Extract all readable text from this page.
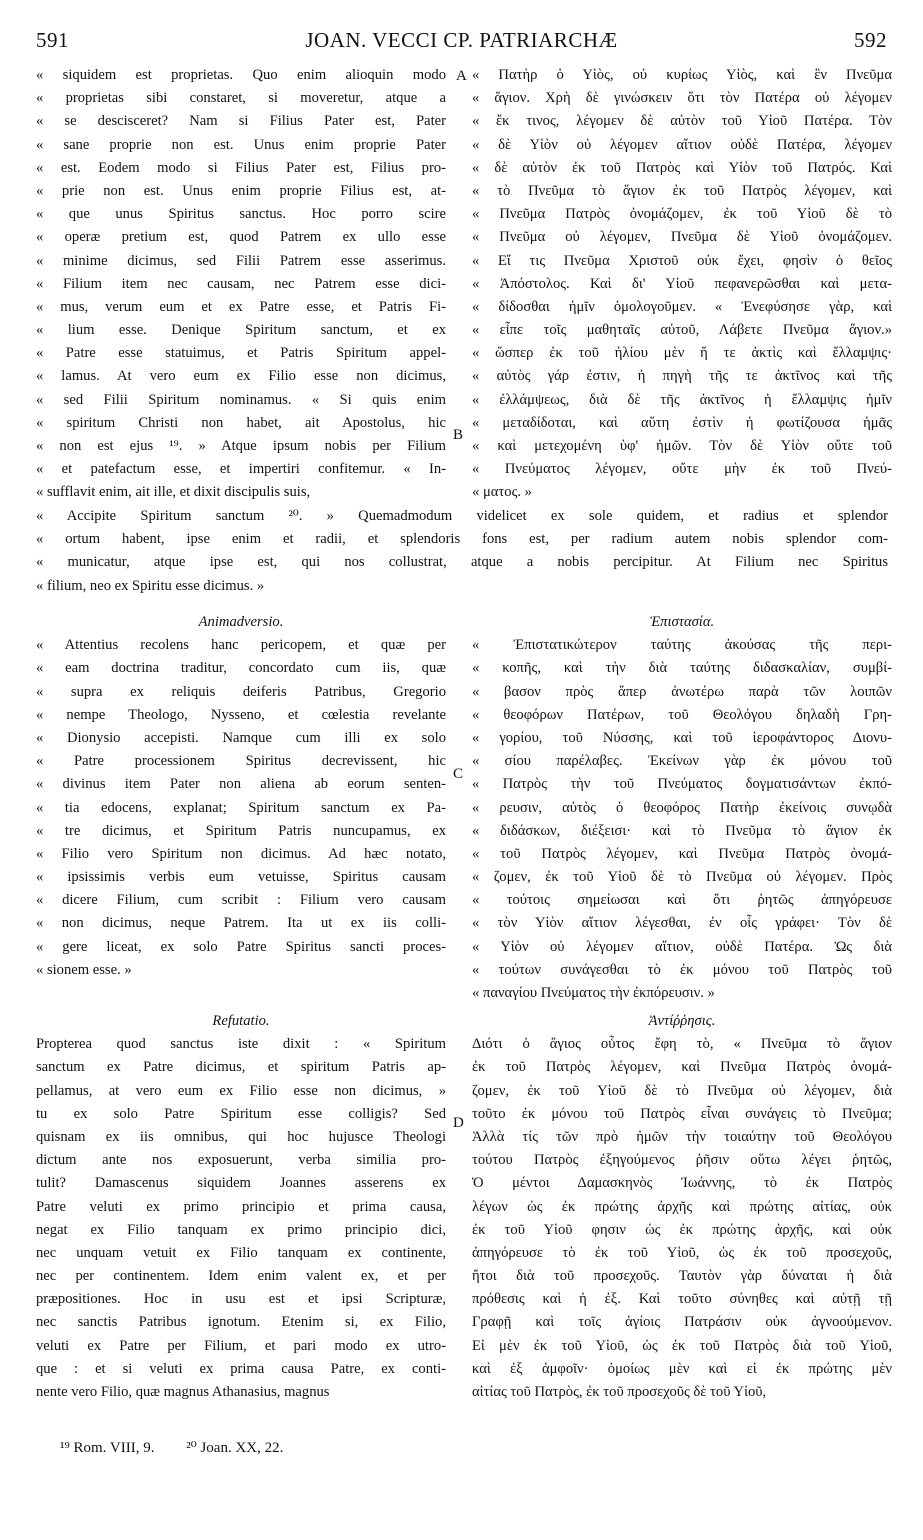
591	JOAN. VECCI CP. PATRIARCHÆ	592
A
B
C
D
« siquidem est proprietas. Quo enim alioquin modo
« proprietas sibi constaret, si moveretur, atque a
« se descisceret? Nam si Filius Pater est, Pater
« sane proprie non est. Unus enim proprie Pater
« est. Eodem modo si Filius Pater est, Filius pro-
« prie non est. Unus enim proprie Filius est, at-
« que unus Spiritus sanctus. Hoc porro scire
« operæ pretium est, quod Patrem ex ullo esse
« minime dicimus, sed Filii Patrem esse asserimus.
« Filium item nec causam, nec Patrem esse dici-
« mus, verum eum et ex Patre esse, et Patris Fi-
« lium esse. Denique Spiritum sanctum, et ex
« Patre esse statuimus, et Patris Spiritum appel-
« lamus. At vero eum ex Filio esse non dicimus,
« sed Filii Spiritum nominamus. « Si quis enim
« spiritum Christi non habet, ait Apostolus, hic
« non est ejus ¹⁹. » Atque ipsum nobis per Filium
« et patefactum esse, et impertiri confitemur. « In-
« sufflavit enim, ait ille, et dixit discipulis suis,
« Πατὴρ ὁ Υἱὸς, οὐ κυρίως Υἱὸς, καὶ ἓν Πνεῦμα
« ἅγιον. Χρὴ δὲ γινώσκειν ὅτι τὸν Πατέρα οὐ λέγομεν
« ἔκ τινος, λέγομεν δὲ αὐτὸν τοῦ Υἱοῦ Πατέρα. Τὸν
« δὲ Υἱὸν οὐ λέγομεν αἴτιον οὐδὲ Πατέρα, λέγομεν
« δὲ αὐτὸν ἐκ τοῦ Πατρὸς καὶ Υἱὸν τοῦ Πατρός. Καὶ
« τὸ Πνεῦμα τὸ ἅγιον ἐκ τοῦ Πατρὸς λέγομεν, καὶ
« Πνεῦμα Πατρὸς ὀνομάζομεν, ἐκ τοῦ Υἱοῦ δὲ τὸ
« Πνεῦμα οὐ λέγομεν, Πνεῦμα δὲ Υἱοῦ ὀνομάζομεν.
« Εἴ τις Πνεῦμα Χριστοῦ οὐκ ἔχει, φησὶν ὁ θεῖος
« Ἀπόστολος. Καὶ δι' Υἱοῦ πεφανερῶσθαι καὶ μετα-
« δίδοσθαι ἡμῖν ὁμολογοῦμεν. « Ἐνεφύσησε γὰρ, καὶ
« εἶπε τοῖς μαθηταῖς αὐτοῦ, Λάβετε Πνεῦμα ἅγιον.»
« ὥσπερ ἐκ τοῦ ἡλίου μὲν ἥ τε ἀκτὶς καὶ ἔλλαμψις·
« αὐτὸς γάρ ἐστιν, ἡ πηγὴ τῆς τε ἀκτῖνος καὶ τῆς
« ἐλλάμψεως, διὰ δὲ τῆς ἀκτῖνος ἡ ἔλλαμψις ἡμῖν
« μεταδίδοται, καὶ αὕτη ἐστὶν ἡ φωτίζουσα ἡμᾶς
« καὶ μετεχομένη ὑφ' ἡμῶν. Τὸν δὲ Υἱὸν οὔτε τοῦ
« Πνεύματος λέγομεν, οὔτε μὴν ἐκ τοῦ Πνεύ-
« ματος. »
« Accipite Spiritum sanctum ²⁰. » Quemadmodum videlicet ex sole quidem, et radius et splendor
« ortum habent, ipse enim et radii, et splendoris fons est, per radium autem nobis splendor com-
« municatur, atque ipse est, qui nos collustrat, atque a nobis percipitur. At Filium nec Spiritus
« filium, neo ex Spiritu esse dicimus. »
Animadversio.
« Attentius recolens hanc pericopem, et quæ per
« eam doctrina traditur, concordato cum iis, quæ
« supra ex reliquis deiferis Patribus, Gregorio
« nempe Theologo, Nysseno, et cœlestia revelante
« Dionysio accepisti. Namque cum illi ex solo
« Patre processionem Spiritus decrevissent, hic
« divinus item Pater non aliena ab eorum senten-
« tia edocens, explanat; Spiritum sanctum ex Pa-
« tre dicimus, et Spiritum Patris nuncupamus, ex
« Filio vero Spiritum non dicimus. Ad hæc notato,
« ipsissimis verbis eum vetuisse, Spiritus causam
« dicere Filium, cum scribit : Filium vero causam
« non dicimus, neque Patrem. Ita ut ex iis colli-
« gere liceat, ex solo Patre Spiritus sancti proces-
« sionem esse. »
Ἐπιστασία.
« Ἐπιστατικώτερον ταύτης ἀκούσας τῆς περι-
« κοπῆς, καὶ τὴν διὰ ταύτης διδασκαλίαν, συμβί-
« βασον πρὸς ἅπερ ἀνωτέρω παρὰ τῶν λοιπῶν
« θεοφόρων Πατέρων, τοῦ Θεολόγου δηλαδὴ Γρη-
« γορίου, τοῦ Νύσσης, καὶ τοῦ ἱεροφάντορος Διονυ-
« σίου παρέλαβες. Ἐκείνων γὰρ ἐκ μόνου τοῦ
« Πατρὸς τὴν τοῦ Πνεύματος δογματισάντων ἐκπό-
« ρευσιν, αὐτὸς ὁ θεοφόρος Πατὴρ ἐκείνοις συνῳδὰ
« διδάσκων, διέξεισι· καὶ τὸ Πνεῦμα τὸ ἅγιον ἐκ
« τοῦ Πατρὸς λέγομεν, καὶ Πνεῦμα Πατρὸς ὀνομά-
« ζομεν, ἐκ τοῦ Υἱοῦ δὲ τὸ Πνεῦμα οὐ λέγομεν. Πρὸς
« τούτοις σημείωσαι καὶ ὅτι ῥητῶς ἀπηγόρευσε
« τὸν Υἱὸν αἴτιον λέγεσθαι, ἐν οἷς γράφει· Τὸν δὲ
« Υἱὸν οὐ λέγομεν αἴτιον, οὐδὲ Πατέρα. Ὡς διὰ
« τούτων συνάγεσθαι τὸ ἐκ μόνου τοῦ Πατρὸς τοῦ
« παναγίου Πνεύματος τὴν ἐκπόρευσιν. »
Refutatio.
Propterea quod sanctus iste dixit : « Spiritum
sanctum ex Patre dicimus, et spiritum Patris ap-
pellamus, at vero eum ex Filio esse non dicimus, »
tu ex solo Patre Spiritum esse colligis? Sed
quisnam ex iis omnibus, qui hoc hujusce Theologi
dictum ante nos exposuerunt, verba similia pro-
tulit? Damascenus siquidem Joannes asserens ex
Patre veluti ex primo principio et prima causa,
negat ex Filio tanquam ex primo principio dici,
nec unquam vetuit ex Filio tanquam ex continente,
nec per continentem. Idem enim valent ex, et per
præpositiones. Hoc in usu est et ipsi Scripturæ,
nec sanctis Patribus ignotum. Etenim si, ex Filio,
veluti ex Patre per Filium, et pari modo ex utro-
que : et si veluti ex prima causa Patre, ex conti-
nente vero Filio, quæ magnus Athanasius, magnus
Ἀντίῤῥησις.
Διότι ὁ ἅγιος οὗτος ἔφη τὸ, « Πνεῦμα τὸ ἅγιον
ἐκ τοῦ Πατρὸς λέγομεν, καὶ Πνεῦμα Πατρὸς ὀνομά-
ζομεν, ἐκ τοῦ Υἱοῦ δὲ τὸ Πνεῦμα οὐ λέγομεν, διὰ
τοῦτο ἐκ μόνου τοῦ Πατρὸς εἶναι συνάγεις τὸ Πνεῦμα;
Ἀλλὰ τίς τῶν πρὸ ἡμῶν τὴν τοιαύτην τοῦ Θεολόγου
τούτου Πατρὸς ἐξηγούμενος ῥῆσιν οὕτω λέγει ῥητῶς,
Ὁ μέντοι Δαμασκηνὸς Ἰωάννης, τὸ ἐκ Πατρὸς
λέγων ὡς ἐκ πρώτης ἀρχῆς καὶ πρώτης αἰτίας, οὐκ
ἐκ τοῦ Υἱοῦ φησιν ὡς ἐκ πρώτης ἀρχῆς, καὶ οὐκ
ἀπηγόρευσε τὸ ἐκ τοῦ Υἱοῦ, ὡς ἐκ τοῦ προσεχοῦς,
ἤτοι διὰ τοῦ προσεχοῦς. Ταυτὸν γὰρ δύναται ἡ διὰ
πρόθεσις καὶ ἡ ἐξ. Καὶ τοῦτο σύνηθες καὶ αὐτῇ τῇ
Γραφῇ καὶ τοῖς ἁγίοις Πατράσιν οὐκ ἀγνοούμενον.
Εἰ μὲν ἐκ τοῦ Υἱοῦ, ὡς ἐκ τοῦ Πατρὸς διὰ τοῦ Υἱοῦ,
καὶ ἐξ ἀμφοῖν· ὁμοίως μὲν καὶ εἰ ἐκ πρώτης μὲν
αἰτίας τοῦ Πατρὸς, ἐκ τοῦ προσεχοῦς δὲ τοῦ Υἱοῦ,
¹⁹ Rom. VIII, 9. ²⁰ Joan. XX, 22.
